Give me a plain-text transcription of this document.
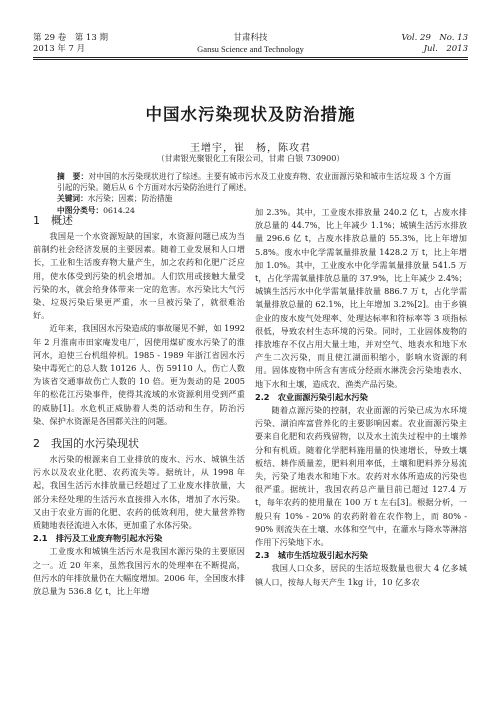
第 29 卷　第 13 期
2013 年 7 月
甘肃科技
Gansu Science and Technology
Vol. 29　No. 13
Jul.　2013
中国水污染现状及防治措施
王增宇，崔　杨，陈攻君
（甘肃银光聚银化工有限公司，甘肃 白银 730900）

摘　要：对中国的水污染现状进行了综述。主要有城市污水及工业废弃物、农业面源污染和城市生活垃圾 3 个方面引起的污染。随后从 6 个方面对水污染防治进行了阐述。

关键词：水污染；因素；防治措施

中图分类号：0614.24

1　概述

我国是一个水资源短缺的国家，水资源问题已成为当前制约社会经济发展的主要因素。随着工业发展和人口增长，工业和生活废弃物大量产生，加之农药和化肥广泛应用，使水体受到污染的机会增加。人们饮用或接触大量受污染的水，就会给身体带来一定的危害。水污染比大气污染、垃圾污染后果更严重，水一旦被污染了，就很难治好。

近年来，我国因水污染造成的事故屡见不鲜，如 1992 年 2 月淮南市田家庵发电厂，因使用煤矿废水污染了的淮河水，迫使三台机组停机。1985 - 1989 年浙江省因水污染中毒死亡的总人数 10126 人、伤 59110 人，伤亡人数为该省交通事故伤亡人数的 10 倍。更为轰动的是 2005 年的松花江污染事件，使得其流域的水资源利用受到严重的威胁[1]。水危机正威胁着人类的活动和生存，防治污染、保护水资源是各国都关注的问题。

2　我国的水污染现状

水污染的根源来自工业排放的废水、污水、城镇生活污水以及农业化肥、农药流失等。据统计，从 1998 年起，我国生活污水排放量已经超过了工业废水排放量，大部分未经处理的生活污水直接排入水体，增加了水污染。又由于农业方面的化肥、农药的低效利用，使大量营养物质随地表径流进入水体，更加重了水体污染。

2.1　排污及工业废弃物引起水污染

工业废水和城镇生活污水是我国水源污染的主要原因之一。近 20 年来，虽然我国污水的处理率在不断提高，但污水的年排放量仍在大幅度增加。2006 年，全国废水排放总量为 536.8 亿 t，比上年增

加 2.3%。其中，工业废水排放量 240.2 亿 t，占废水排放总量的 44.7%，比上年减少 1.1%；城镇生活污水排放量 296.6 亿 t，占废水排放总量的 55.3%，比上年增加 5.8%。废水中化学需氧量排放量 1428.2 万 t，比上年增加 1.0%。其中，工业废水中化学需氧量排放量 541.5 万 t，占化学需氧量排放总量的 37.9%，比上年减少 2.4%；城镇生活污水中化学需氧量排放量 886.7 万 t，占化学需氧量排放总量的 62.1%，比上年增加 3.2%[2]。由于乡镇企业的废水废气处理率、处理达标率和符标率等 3 项指标很低，导致农村生态环境的污染。同时，工业固体废物的排放堆存不仅占用大量土地，并对空气、地表水和地下水产生二次污染，而且使江湖面积缩小，影响水资源的利用。固体废物中所含有害成分经雨水淋洗会污染地表水、地下水和土壤，造成农、渔类产品污染。

2.2　农业面源污染引起水污染

随着点源污染的控制，农业面源的污染已成为水环境污染、湖泊库富营养化的主要影响因素。农业面源污染主要来自化肥和农药残留物，以及水土流失过程中的土壤养分和有机质。随着化学肥料施用量的快速增长，导致土壤板结、耕作质量差，肥料利用率低，土壤和肥料养分易流失，污染了地表水和地下水。农药对水体所造成的污染也很严重。据统计，我国农药总产量目前已超过 127.4 万 t，每年农药的使用量在 100 万 t 左右[3]。根据分析，一般只有 10% - 20% 的农药附着在农作物上，而 80% - 90% 则流失在土壤、水体和空气中，在灌水与降水等淋溶作用下污染地下水。

2.3　城市生活垃圾引起水污染

我国人口众多，居民的生活垃圾数量也很大 4 亿多城镇人口，按每人每天产生 1kg 计，10 亿多农
